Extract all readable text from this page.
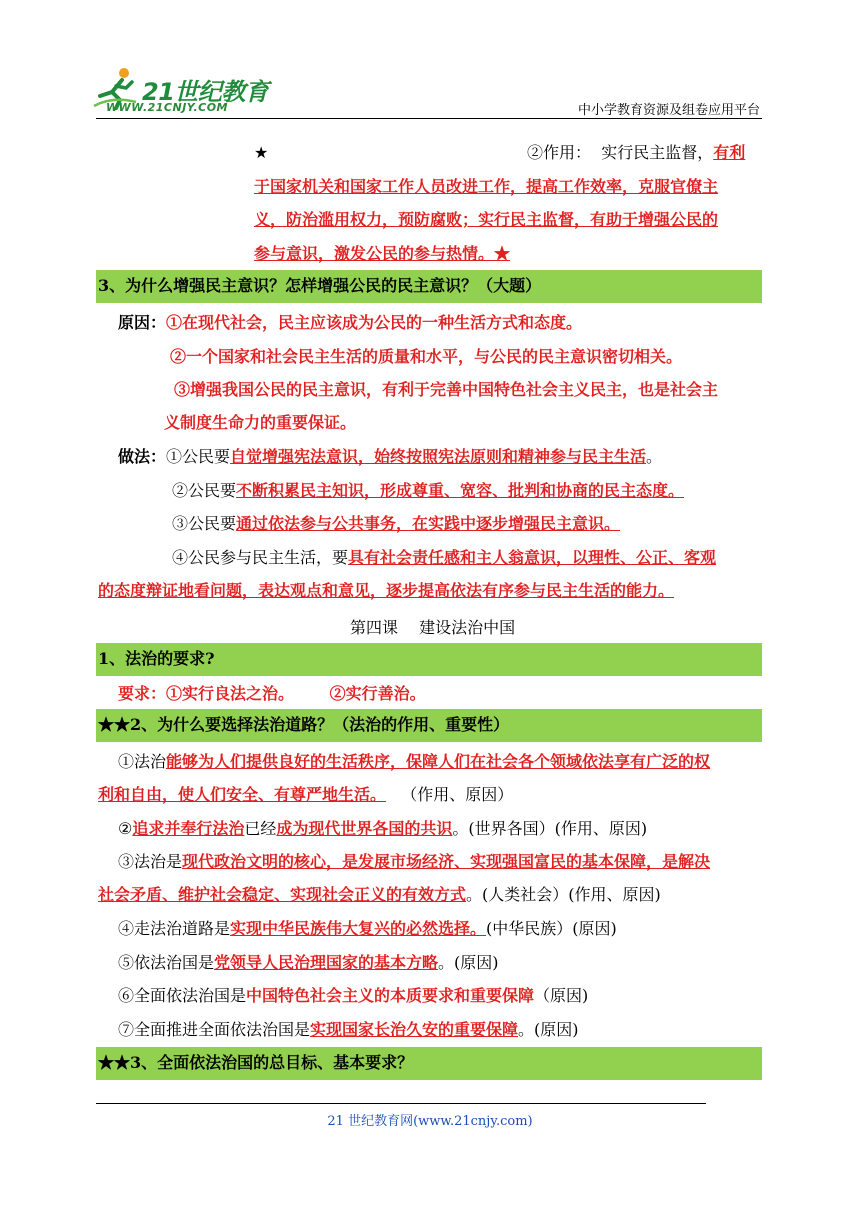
21世纪教育
WWW.21CNJY.COM	中小学教育资源及组卷应用平台
★	②作用： 实行民主监督，有利
于国家机关和国家工作人员改进工作，提高工作效率，克服官僚主
义，防治滥用权力，预防腐败；实行民主监督，有助于增强公民的
参与意识，激发公民的参与热情。★
3、为什么增强民主意识？怎样增强公民的民主意识？（大题）
原因：①在现代社会，民主应该成为公民的一种生活方式和态度。
②一个国家和社会民主生活的质量和水平，与公民的民主意识密切相关。
③增强我国公民的民主意识，有利于完善中国特色社会主义民主，也是社会主
义制度生命力的重要保证。
做法：①公民要自觉增强宪法意识，始终按照宪法原则和精神参与民主生活。
②公民要不断积累民主知识，形成尊重、宽容、批判和协商的民主态度。
③公民要通过依法参与公共事务，在实践中逐步增强民主意识。
④公民参与民主生活，要具有社会责任感和主人翁意识，以理性、公正、客观
的态度辩证地看问题，表达观点和意见，逐步提高依法有序参与民主生活的能力。
第四课　 建设法治中国
1、法治的要求?
要求：①实行良法之治。 ②实行善治。
★★2、为什么要选择法治道路？（法治的作用、重要性）
①法治能够为人们提供良好的生活秩序，保障人们在社会各个领域依法享有广泛的权
利和自由，使人们安全、有尊严地生活。 （作用、原因）
②追求并奉行法治已经成为现代世界各国的共识。(世界各国）(作用、原因)
③法治是现代政治文明的核心，是发展市场经济、实现强国富民的基本保障，是解决
社会矛盾、维护社会稳定、实现社会正义的有效方式。(人类社会）(作用、原因)
④走法治道路是实现中华民族伟大复兴的必然选择。(中华民族）(原因)
⑤依法治国是党领导人民治理国家的基本方略。(原因)
⑥全面依法治国是中国特色社会主义的本质要求和重要保障（原因)
⑦全面推进全面依法治国是实现国家长治久安的重要保障。(原因)
★★3、全面依法治国的总目标、基本要求？
21 世纪教育网(www.21cnjy.com)
